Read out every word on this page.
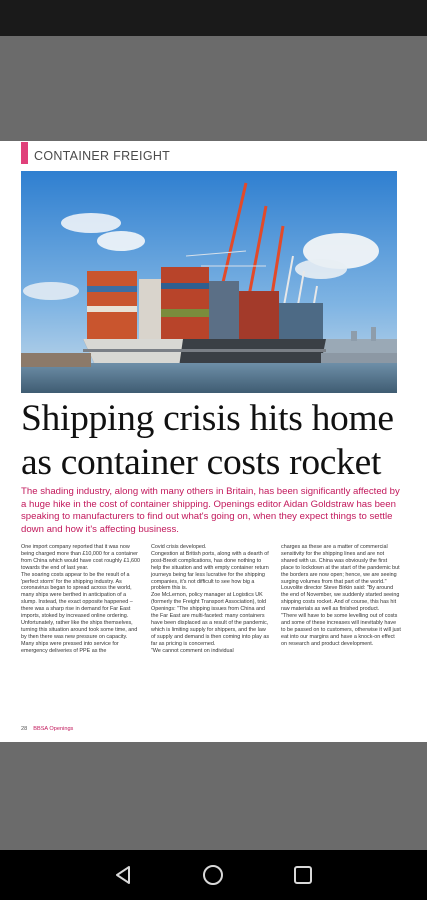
CONTAINER FREIGHT
Shipping crisis hits home
as container costs rocket
The shading industry, along with many others in Britain, has been significantly affected by a huge hike in the cost of container shipping. Openings editor Aidan Goldstraw has been speaking to manufacturers to find out what's going on, when they expect things to settle down and how it's affecting business.

One import company reported that it was now being charged more than £10,000 for a container from China which would have cost roughly £1,600 towards the end of last year.

The soaring costs appear to be the result of a 'perfect storm' for the shipping industry. As coronavirus began to spread across the world, many ships were berthed in anticipation of a slump. Instead, the exact opposite happened – there was a sharp rise in demand for Far East imports, stoked by increased online ordering.

Unfortunately, rather like the ships themselves, turning this situation around took some time, and by then there was new pressure on capacity. Many ships were pressed into service for emergency deliveries of PPE as the

Covid crisis developed.

Congestion at British ports, along with a dearth of post-Brexit complications, has done nothing to help the situation and with empty container return journeys being far less lucrative for the shipping companies, it's not difficult to see how big a problem this is.

Zoe McLernon, policy manager at Logistics UK (formerly the Freight Transport Association), told Openings: "The shipping issues from China and the Far East are multi-faceted: many containers have been displaced as a result of the pandemic, which is limiting supply for shippers, and the law of supply and demand is then coming into play as far as pricing is concerned.

"We cannot comment on individual

charges as these are a matter of commercial sensitivity for the shipping lines and are not shared with us. China was obviously the first place to lockdown at the start of the pandemic but the borders are now open; hence, we are seeing surging volumes from that part of the world."

Louvolite director Steve Birkin said: "By around the end of November, we suddenly started seeing shipping costs rocket. And of course, this has hit raw materials as well as finished product.

"There will have to be some levelling out of costs and some of these increases will inevitably have to be passed on to customers, otherwise it will just eat into our margins and have a knock-on effect on research and product development.

28 BBSA Openings
